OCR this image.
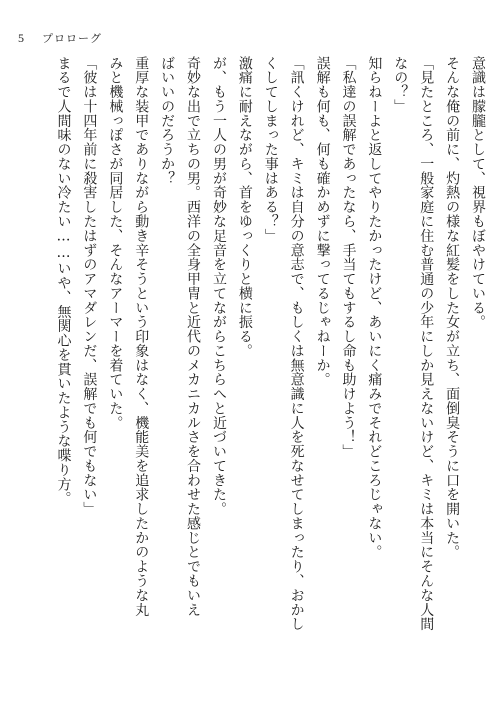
5 プロローグ
意識は朦朧として、視界もぼやけている。
そんな俺の前に、灼熱の様な紅髪をした女が立ち、面倒臭そうに口を開いた。
「見たところ、一般家庭に住む普通の少年にしか見えないけど、キミは本当にそんな人間
なの？」
知らねーよと返してやりたかったけど、あいにく痛みでそれどころじゃない。
「私達の誤解であったなら、手当てもするし命も助けよう！」
誤解も何も、何も確かめずに撃ってるじゃねーか。
「訊くけれど、キミは自分の意志で、もしくは無意識に人を死なせてしまったり、おかし
くしてしまった事はある？」
激痛に耐えながら、首をゆっくりと横に振る。
が、もう一人の男が奇妙な足音を立てながらこちらへと近づいてきた。
奇妙な出で立ちの男。西洋の全身甲冑と近代のメカニカルさを合わせた感じとでもいえ
ばいいのだろうか？
重厚な装甲でありながら動き辛そうという印象はなく、機能美を追求したかのような丸
みと機械っぽさが同居した、そんなアーマーを着ていた。
「彼は十四年前に殺害したはずのアマダレンだ、誤解でも何でもない」
まるで人間味のない冷たい……いや、無関心を貫いたような喋り方。
